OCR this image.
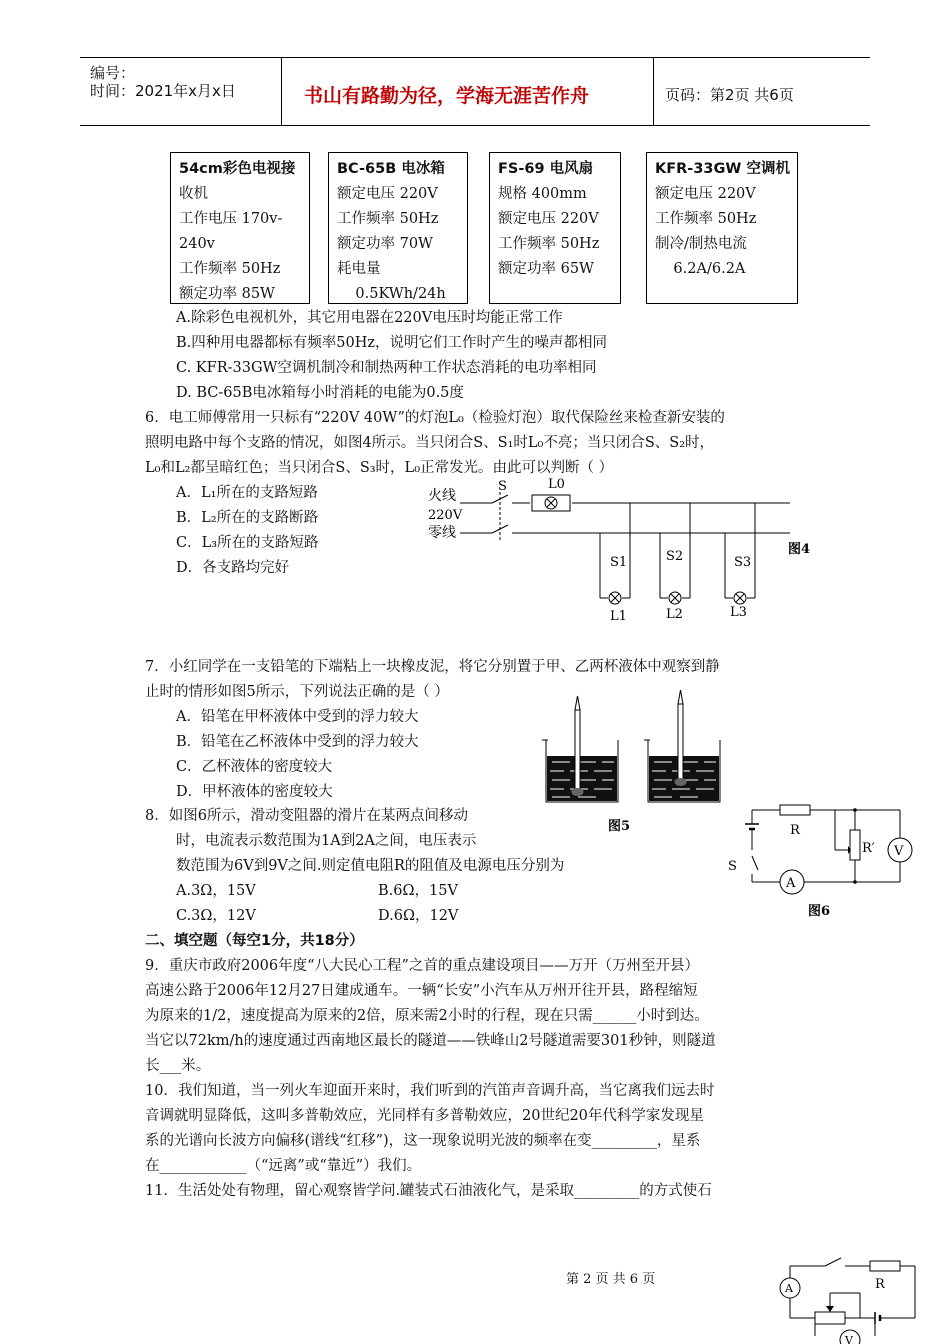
编号：
时间：2021年x月x日	书山有路勤为径，学海无涯苦作舟	页码：第2页 共6页
54cm彩色电视接
收机
工作电压 170v-
240v
工作频率 50Hz
额定功率 85W
BC-65B 电冰箱
额定电压 220V
工作频率 50Hz
额定功率 70W
耗电量
0.5KWh/24h
FS-69 电风扇
规格 400mm
额定电压 220V
工作频率 50Hz
额定功率 65W
KFR-33GW 空调机
额定电压 220V
工作频率 50Hz
制冷/制热电流
6.2A/6.2A
A.除彩色电视机外，其它用电器在220V电压时均能正常工作
B.四种用电器都标有频率50Hz，说明它们工作时产生的噪声都相同
C. KFR-33GW空调机制冷和制热两种工作状态消耗的电功率相同
D. BC-65B电冰箱每小时消耗的电能为0.5度
6．电工师傅常用一只标有“220V 40W”的灯泡L₀（检验灯泡）取代保险丝来检查新安装的
照明电路中每个支路的情况，如图4所示。当只闭合S、S₁时L₀不亮；当只闭合S、S₂时，
L₀和L₂都呈暗红色；当只闭合S、S₃时，L₀正常发光。由此可以判断（ ）
A．L₁所在的支路短路
B．L₂所在的支路断路
C．L₃所在的支路短路
D．各支路均完好
火线
220V
零线
S	L0
S1
L1
S2
L2
S3
L3
图4
7．小红同学在一支铅笔的下端粘上一块橡皮泥，将它分别置于甲、乙两杯液体中观察到静
止时的情形如图5所示，下列说法正确的是（ ）
A．铅笔在甲杯液体中受到的浮力较大
B．铅笔在乙杯液体中受到的浮力较大
C．乙杯液体的密度较大
D．甲杯液体的密度较大
图5
8．如图6所示，滑动变阻器的滑片在某两点间移动
时，电流表示数范围为1A到2A之间，电压表示
数范围为6V到9V之间.则定值电阻R的阻值及电源电压分别为
A.3Ω，15V	B.6Ω，15V
C.3Ω，12V	D.6Ω，12V
R
S
A
R′ V
图6
二、填空题（每空1分，共18分）
9．重庆市政府2006年度“八大民心工程”之首的重点建设项目——万开（万州至开县）
高速公路于2006年12月27日建成通车。一辆“长安”小汽车从万州开往开县，路程缩短
为原来的1/2，速度提高为原来的2倍，原来需2小时的行程，现在只需______小时到达。
当它以72km/h的速度通过西南地区最长的隧道——铁峰山2号隧道需要301秒钟，则隧道
长___米。
10．我们知道，当一列火车迎面开来时，我们听到的汽笛声音调升高，当它离我们远去时
音调就明显降低，这叫多普勒效应，光同样有多普勒效应，20世纪20年代科学家发现星
系的光谱向长波方向偏移(谱线“红移”)，这一现象说明光波的频率在变_________，星系
在____________（“远离”或“靠近”）我们。
11．生活处处有物理，留心观察皆学问.罐装式石油液化气，是采取_________的方式使石
第 2 页 共 6 页	R
A
V
